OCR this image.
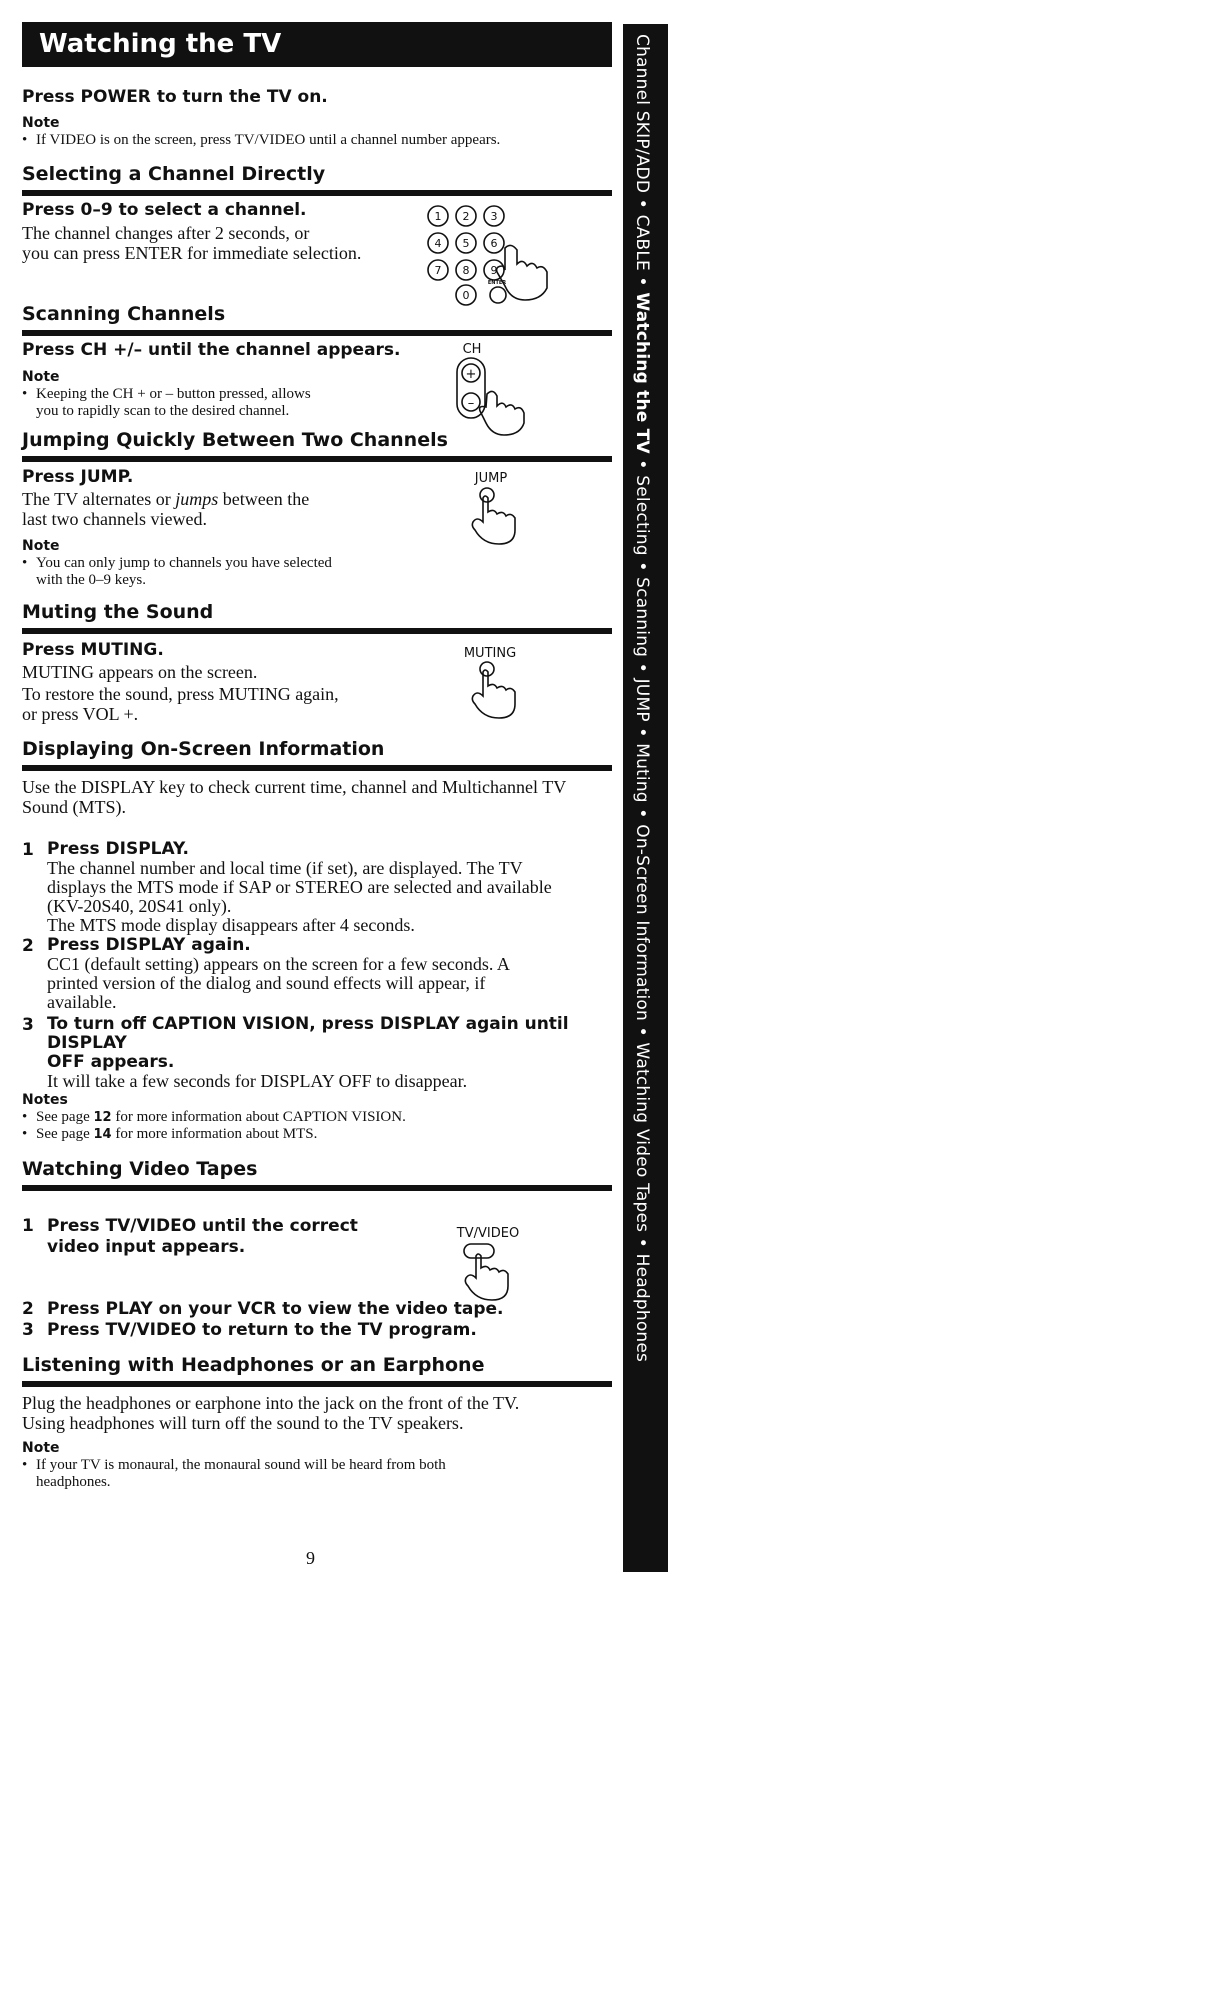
Watching the TV
Press POWER to turn the TV on.
Note
• If VIDEO is on the screen, press TV/VIDEO until a channel number appears.
Selecting a Channel Directly
Press 0–9 to select a channel.
The channel changes after 2 seconds, or
you can press ENTER for immediate selection.
1 2 3
4 5 6
7 8 9
0
ENTER
Scanning Channels
Press CH +/– until the channel appears.
Note
• Keeping the CH + or – button pressed, allows
you to rapidly scan to the desired channel.
CH
+
–
Jumping Quickly Between Two Channels
Press JUMP.
The TV alternates or jumps between the
last two channels viewed.
Note
• You can only jump to channels you have selected
with the 0–9 keys.
JUMP
Muting the Sound
Press MUTING.
MUTING appears on the screen.
To restore the sound, press MUTING again,
or press VOL +.
MUTING
Displaying On-Screen Information
Use the DISPLAY key to check current time, channel and Multichannel TV
Sound (MTS).
1 Press DISPLAY.
The channel number and local time (if set), are displayed. The TV
displays the MTS mode if SAP or STEREO are selected and available
(KV-20S40, 20S41 only).
The MTS mode display disappears after 4 seconds.
2 Press DISPLAY again.
CC1 (default setting) appears on the screen for a few seconds. A
printed version of the dialog and sound effects will appear, if
available.
3 To turn off CAPTION VISION, press DISPLAY again until DISPLAY
OFF appears.
It will take a few seconds for DISPLAY OFF to disappear.
Notes
• See page 12 for more information about CAPTION VISION.
• See page 14 for more information about MTS.
Watching Video Tapes
1 Press TV/VIDEO until the correct
video input appears.
2 Press PLAY on your VCR to view the video tape.
3 Press TV/VIDEO to return to the TV program.
TV/VIDEO
Listening with Headphones or an Earphone
Plug the headphones or earphone into the jack on the front of the TV.
Using headphones will turn off the sound to the TV speakers.
Note
• If your TV is monaural, the monaural sound will be heard from both
headphones.
9
Channel SKIP/ADD • CABLE • Watching the TV • Selecting • Scanning • JUMP • Muting • On-Screen Information • Watching Video Tapes • Headphones
